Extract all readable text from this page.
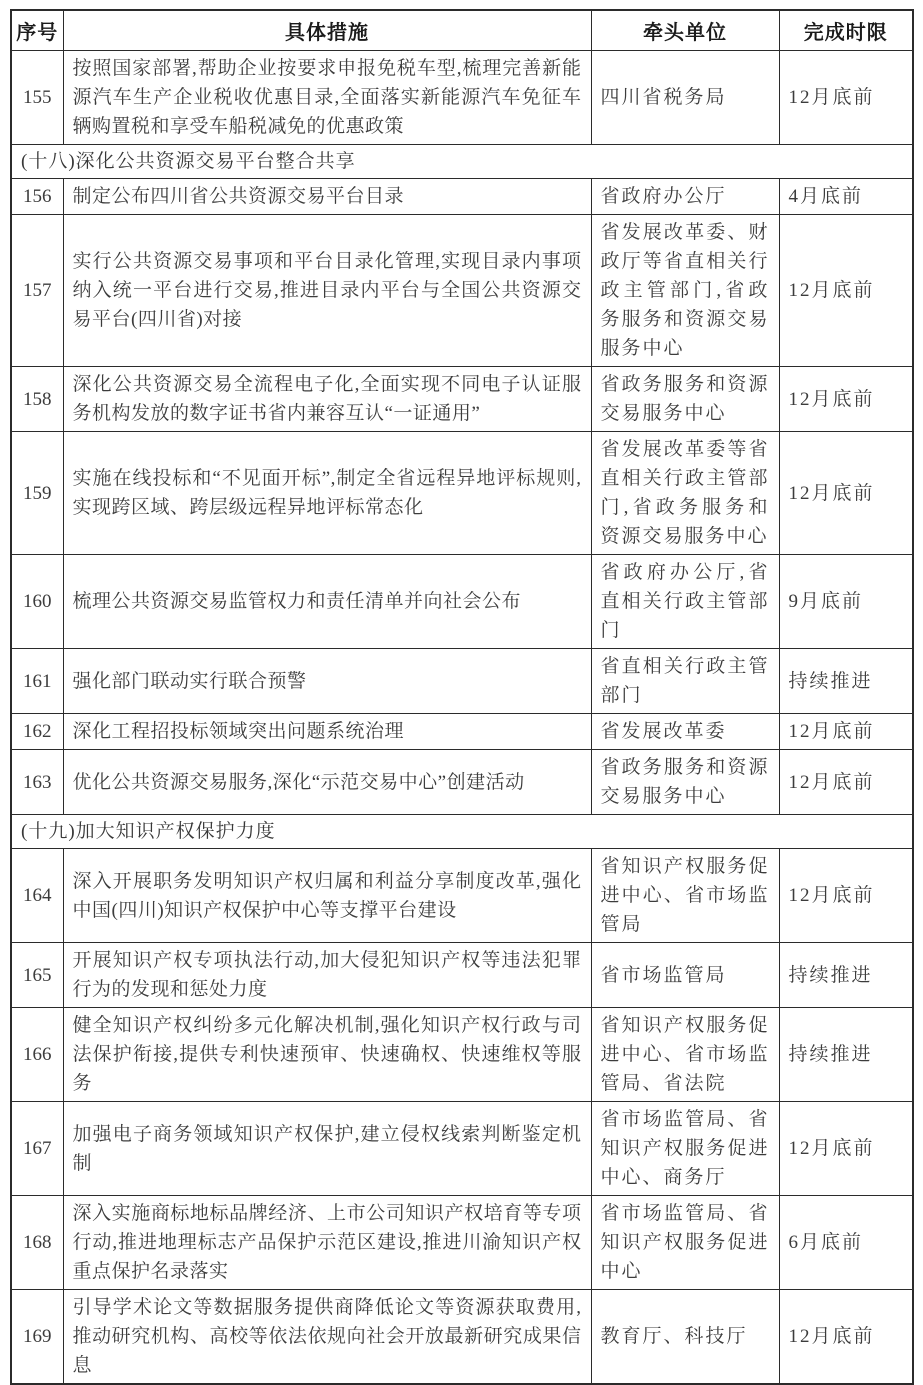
序号	具体措施	牵头单位	完成时限
155	按照国家部署,帮助企业按要求申报免税车型,梳理完善新能源汽车生产企业税收优惠目录,全面落实新能源汽车免征车辆购置税和享受车船税减免的优惠政策	四川省税务局	12月底前
(十八)深化公共资源交易平台整合共享			
156	制定公布四川省公共资源交易平台目录	省政府办公厅	4月底前
157	实行公共资源交易事项和平台目录化管理,实现目录内事项纳入统一平台进行交易,推进目录内平台与全国公共资源交易平台(四川省)对接	省发展改革委、财政厅等省直相关行政主管部门,省政务服务和资源交易服务中心	12月底前
158	深化公共资源交易全流程电子化,全面实现不同电子认证服务机构发放的数字证书省内兼容互认“一证通用”	省政务服务和资源交易服务中心	12月底前
159	实施在线投标和“不见面开标”,制定全省远程异地评标规则,实现跨区域、跨层级远程异地评标常态化	省发展改革委等省直相关行政主管部门,省政务服务和资源交易服务中心	12月底前
160	梳理公共资源交易监管权力和责任清单并向社会公布	省政府办公厅,省直相关行政主管部门	9月底前
161	强化部门联动实行联合预警	省直相关行政主管部门	持续推进
162	深化工程招投标领域突出问题系统治理	省发展改革委	12月底前
163	优化公共资源交易服务,深化“示范交易中心”创建活动	省政务服务和资源交易服务中心	12月底前
(十九)加大知识产权保护力度			
164	深入开展职务发明知识产权归属和利益分享制度改革,强化中国(四川)知识产权保护中心等支撑平台建设	省知识产权服务促进中心、省市场监管局	12月底前
165	开展知识产权专项执法行动,加大侵犯知识产权等违法犯罪行为的发现和惩处力度	省市场监管局	持续推进
166	健全知识产权纠纷多元化解决机制,强化知识产权行政与司法保护衔接,提供专利快速预审、快速确权、快速维权等服务	省知识产权服务促进中心、省市场监管局、省法院	持续推进
167	加强电子商务领域知识产权保护,建立侵权线索判断鉴定机制	省市场监管局、省知识产权服务促进中心、商务厅	12月底前
168	深入实施商标地标品牌经济、上市公司知识产权培育等专项行动,推进地理标志产品保护示范区建设,推进川渝知识产权重点保护名录落实	省市场监管局、省知识产权服务促进中心	6月底前
169	引导学术论文等数据服务提供商降低论文等资源获取费用,推动研究机构、高校等依法依规向社会开放最新研究成果信息	教育厅、科技厅	12月底前
